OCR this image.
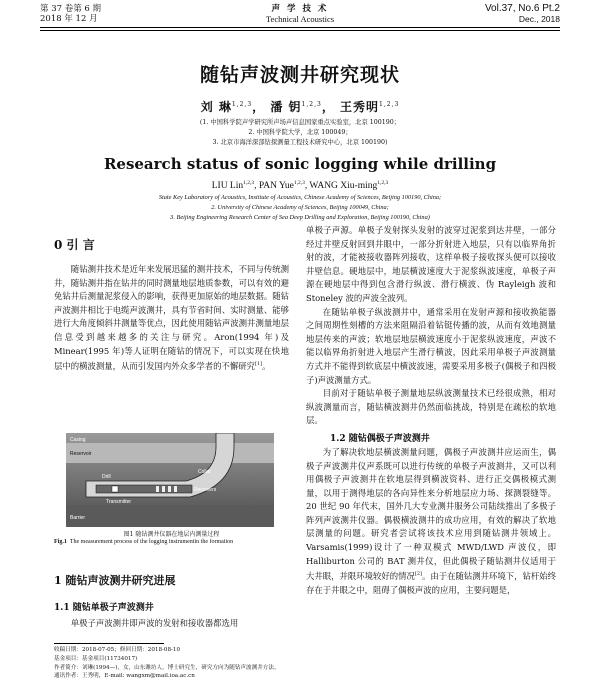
第 37 卷第 6 期
2018 年 12 月
声 学 技 术
Technical Acoustics
Vol.37, No.6 Pt.2
Dec., 2018
随钻声波测井研究现状
刘 琳$^{1,2,3}$， 潘 钥$^{1,2,3}$， 王秀明$^{1,2,3}$
(1. 中国科学院声学研究所声场声信息国家重点实验室，北京 100190；
2. 中国科学院大学，北京 100049；
3. 北京市海洋深部钻探测量工程技术研究中心，北京 100190)
Research status of sonic logging while drilling
LIU Lin$^{1,2,3}$, PAN Yue$^{1,2,3}$, WANG Xiu-ming$^{1,2,3}$
State Key Laboratory of Acoustics, Institute of Acoustics, Chinese Academy of Sciences, Beijing 100190, China;
2. University of Chinese Academy of Sciences, Beijing 100049, China;
3. Beijing Engineering Research Center of Sea Deep Drilling and Exploration, Beijing 100190, China)

0 引 言

随钻测井技术是近年来发展迅猛的测井技术，不同与传统测井，随钻测井指在钻井的同时测量地层地质参数，可以有效的避免钻井后测量泥浆侵入的影响，获得更加原始的地层数据。随钻声波测井相比于电缆声波测井，具有节省时间、实时测量、能够进行大角度倾斜井测量等优点，因此使用随钻声波测井测量地层信息受到越来越多的关注与研究。Aron(1994 年)及 Minear(1995 年)等人证明在随钻的情况下，可以实现在快地层中的横波测量，从而引发国内外众多学者的不懈研究[1]。

Casing
Reservoir
Drill
Collar
Receivers
Transmitter
Barrier
图1 随钻测井仪器在地层内测量过程
Fig.1 The measurement process of the logging instrumentin the formation

1 随钻声波测井研究进展

1.1 随钻单极子声波测井

单极子声波测井即声波的发射和接收器都选用

收稿日期：2018-07-05；修回日期：2018-08-10
基金项目：基金项目(11734017)
作者简介：刘琳(1994—)，女，山东潍坊人，博士研究生，研究方向为随钻声波测井方法。
通讯作者：王秀明，E-mail: wangxm@mail.ioa.ac.cn

单极子声源。单极子发射探头发射的波穿过泥浆到达井壁，一部分经过井壁反射回到井眼中，一部分折射进入地层，只有以临界角折射的波，才能被接收器阵列接收，这样单极子接收探头便可以接收井壁信息。硬地层中，地层横波速度大于泥浆纵波速度，单极子声源在硬地层中得到包含滑行纵波、滑行横波、伪 Rayleigh 波和 Stoneley 波的声波全波列。

在随钻单极子纵波测井中，通常采用在发射声源和接收换能器之间周期性刻槽的方法来阻隔沿着钻铤传播的波，从而有效地测量地层传来的声波；软地层地层横波速度小于泥浆纵波速度，声波不能以临界角折射进入地层产生滑行横波，因此采用单极子声波测量方式并不能得到软底层中横波波速，需要采用多极子(偶极子和四极子)声波测量方式。

目前对于随钻单极子测量地层纵波测量技术已经很成熟，相对纵波测量而言，随钻横波测井仍然面临挑战，特别是在疏松的软地层。

1.2 随钻偶极子声波测井

为了解决软地层横波测量问题，偶极子声波测井应运而生，偶极子声波测井仪声系既可以进行传统的单极子声波测井，又可以利用偶极子声波测井在软地层得到横波资料、进行正交偶极模式测量，以用于测得地层的各向异性来分析地层应力场、探测裂缝等。20 世纪 90 年代末，国外几大专业测井服务公司陆续推出了多极子阵列声波测井仪器。偶极横波测井的成功应用，有效的解决了软地层测量的问题。研究者尝试将该技术应用到随钻测井领域上。Varsamis(1999)设计了一种双模式 MWD/LWD 声波仪，即 Halliburton 公司的 BAT 测井仪，但此偶极子随钻测井仪适用于大井眼，并限环境较好的情况[2]。由于在随钻测井环境下，钻杆始终存在于井眼之中，阻碍了偶极声波的应用，主要问题是，
